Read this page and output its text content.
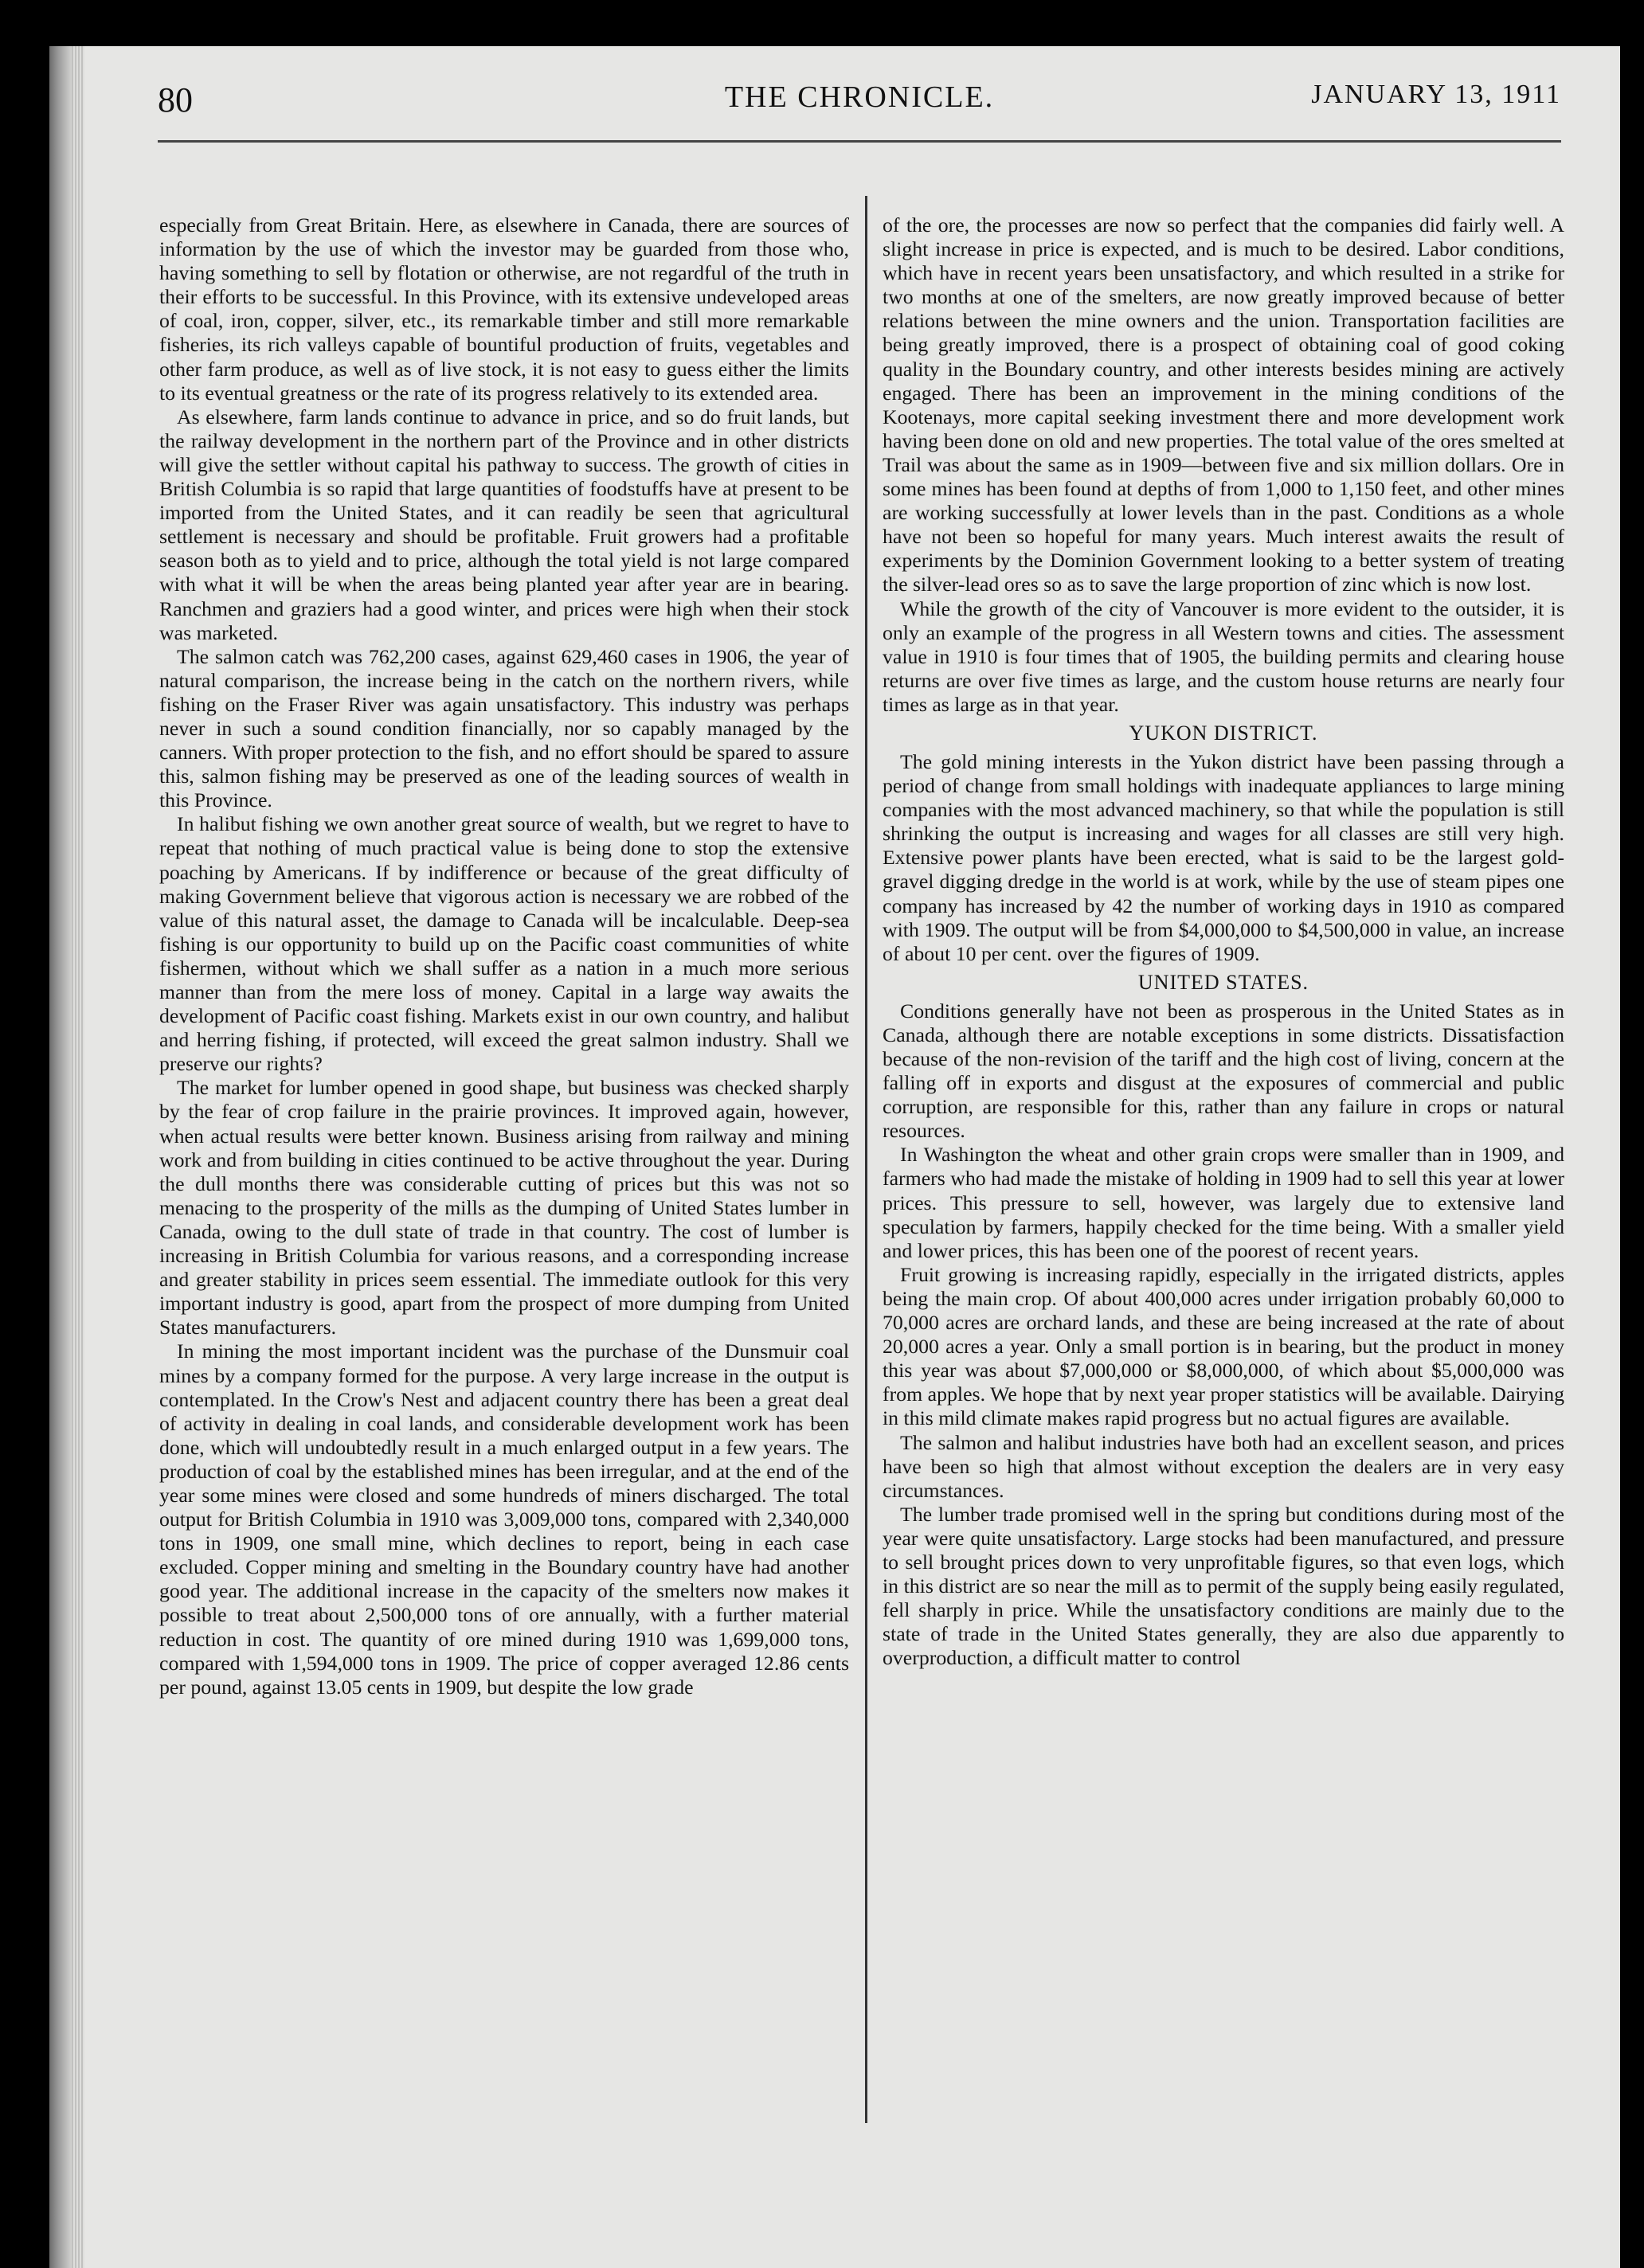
80	THE CHRONICLE.	JANUARY 13, 1911

especially from Great Britain. Here, as elsewhere in Canada, there are sources of information by the use of which the investor may be guarded from those who, having something to sell by flotation or otherwise, are not regardful of the truth in their efforts to be successful. In this Province, with its extensive undeveloped areas of coal, iron, copper, silver, etc., its remarkable timber and still more remarkable fisheries, its rich valleys capable of bountiful production of fruits, vegetables and other farm produce, as well as of live stock, it is not easy to guess either the limits to its eventual greatness or the rate of its progress relatively to its extended area.

As elsewhere, farm lands continue to advance in price, and so do fruit lands, but the railway development in the northern part of the Province and in other districts will give the settler without capital his pathway to success. The growth of cities in British Columbia is so rapid that large quantities of foodstuffs have at present to be imported from the United States, and it can readily be seen that agricultural settlement is necessary and should be profitable. Fruit growers had a profitable season both as to yield and to price, although the total yield is not large compared with what it will be when the areas being planted year after year are in bearing. Ranchmen and graziers had a good winter, and prices were high when their stock was marketed.

The salmon catch was 762,200 cases, against 629,460 cases in 1906, the year of natural comparison, the increase being in the catch on the northern rivers, while fishing on the Fraser River was again unsatisfactory. This industry was perhaps never in such a sound condition financially, nor so capably managed by the canners. With proper protection to the fish, and no effort should be spared to assure this, salmon fishing may be preserved as one of the leading sources of wealth in this Province.

In halibut fishing we own another great source of wealth, but we regret to have to repeat that nothing of much practical value is being done to stop the extensive poaching by Americans. If by indifference or because of the great difficulty of making Government believe that vigorous action is necessary we are robbed of the value of this natural asset, the damage to Canada will be incalculable. Deep-sea fishing is our opportunity to build up on the Pacific coast communities of white fishermen, without which we shall suffer as a nation in a much more serious manner than from the mere loss of money. Capital in a large way awaits the development of Pacific coast fishing. Markets exist in our own country, and halibut and herring fishing, if protected, will exceed the great salmon industry. Shall we preserve our rights?

The market for lumber opened in good shape, but business was checked sharply by the fear of crop failure in the prairie provinces. It improved again, however, when actual results were better known. Business arising from railway and mining work and from building in cities continued to be active throughout the year. During the dull months there was considerable cutting of prices but this was not so menacing to the prosperity of the mills as the dumping of United States lumber in Canada, owing to the dull state of trade in that country. The cost of lumber is increasing in British Columbia for various reasons, and a corresponding increase and greater stability in prices seem essential. The immediate outlook for this very important industry is good, apart from the prospect of more dumping from United States manufacturers.

In mining the most important incident was the purchase of the Dunsmuir coal mines by a company formed for the purpose. A very large increase in the output is contemplated. In the Crow's Nest and adjacent country there has been a great deal of activity in dealing in coal lands, and considerable development work has been done, which will undoubtedly result in a much enlarged output in a few years. The production of coal by the established mines has been irregular, and at the end of the year some mines were closed and some hundreds of miners discharged. The total output for British Columbia in 1910 was 3,009,000 tons, compared with 2,340,000 tons in 1909, one small mine, which declines to report, being in each case excluded. Copper mining and smelting in the Boundary country have had another good year. The additional increase in the capacity of the smelters now makes it possible to treat about 2,500,000 tons of ore annually, with a further material reduction in cost. The quantity of ore mined during 1910 was 1,699,000 tons, compared with 1,594,000 tons in 1909. The price of copper averaged 12.86 cents per pound, against 13.05 cents in 1909, but despite the low grade

of the ore, the processes are now so perfect that the companies did fairly well. A slight increase in price is expected, and is much to be desired. Labor conditions, which have in recent years been unsatisfactory, and which resulted in a strike for two months at one of the smelters, are now greatly improved because of better relations between the mine owners and the union. Transportation facilities are being greatly improved, there is a prospect of obtaining coal of good coking quality in the Boundary country, and other interests besides mining are actively engaged. There has been an improvement in the mining conditions of the Kootenays, more capital seeking investment there and more development work having been done on old and new properties. The total value of the ores smelted at Trail was about the same as in 1909—between five and six million dollars. Ore in some mines has been found at depths of from 1,000 to 1,150 feet, and other mines are working successfully at lower levels than in the past. Conditions as a whole have not been so hopeful for many years. Much interest awaits the result of experiments by the Dominion Government looking to a better system of treating the silver-lead ores so as to save the large proportion of zinc which is now lost.

While the growth of the city of Vancouver is more evident to the outsider, it is only an example of the progress in all Western towns and cities. The assessment value in 1910 is four times that of 1905, the building permits and clearing house returns are over five times as large, and the custom house returns are nearly four times as large as in that year.

YUKON DISTRICT.

The gold mining interests in the Yukon district have been passing through a period of change from small holdings with inadequate appliances to large mining companies with the most advanced machinery, so that while the population is still shrinking the output is increasing and wages for all classes are still very high. Extensive power plants have been erected, what is said to be the largest gold-gravel digging dredge in the world is at work, while by the use of steam pipes one company has increased by 42 the number of working days in 1910 as compared with 1909. The output will be from $4,000,000 to $4,500,000 in value, an increase of about 10 per cent. over the figures of 1909.

UNITED STATES.

Conditions generally have not been as prosperous in the United States as in Canada, although there are notable exceptions in some districts. Dissatisfaction because of the non-revision of the tariff and the high cost of living, concern at the falling off in exports and disgust at the exposures of commercial and public corruption, are responsible for this, rather than any failure in crops or natural resources.

In Washington the wheat and other grain crops were smaller than in 1909, and farmers who had made the mistake of holding in 1909 had to sell this year at lower prices. This pressure to sell, however, was largely due to extensive land speculation by farmers, happily checked for the time being. With a smaller yield and lower prices, this has been one of the poorest of recent years.

Fruit growing is increasing rapidly, especially in the irrigated districts, apples being the main crop. Of about 400,000 acres under irrigation probably 60,000 to 70,000 acres are orchard lands, and these are being increased at the rate of about 20,000 acres a year. Only a small portion is in bearing, but the product in money this year was about $7,000,000 or $8,000,000, of which about $5,000,000 was from apples. We hope that by next year proper statistics will be available. Dairying in this mild climate makes rapid progress but no actual figures are available.

The salmon and halibut industries have both had an excellent season, and prices have been so high that almost without exception the dealers are in very easy circumstances.

The lumber trade promised well in the spring but conditions during most of the year were quite unsatisfactory. Large stocks had been manufactured, and pressure to sell brought prices down to very unprofitable figures, so that even logs, which in this district are so near the mill as to permit of the supply being easily regulated, fell sharply in price. While the unsatisfactory conditions are mainly due to the state of trade in the United States generally, they are also due apparently to overproduction, a difficult matter to control
